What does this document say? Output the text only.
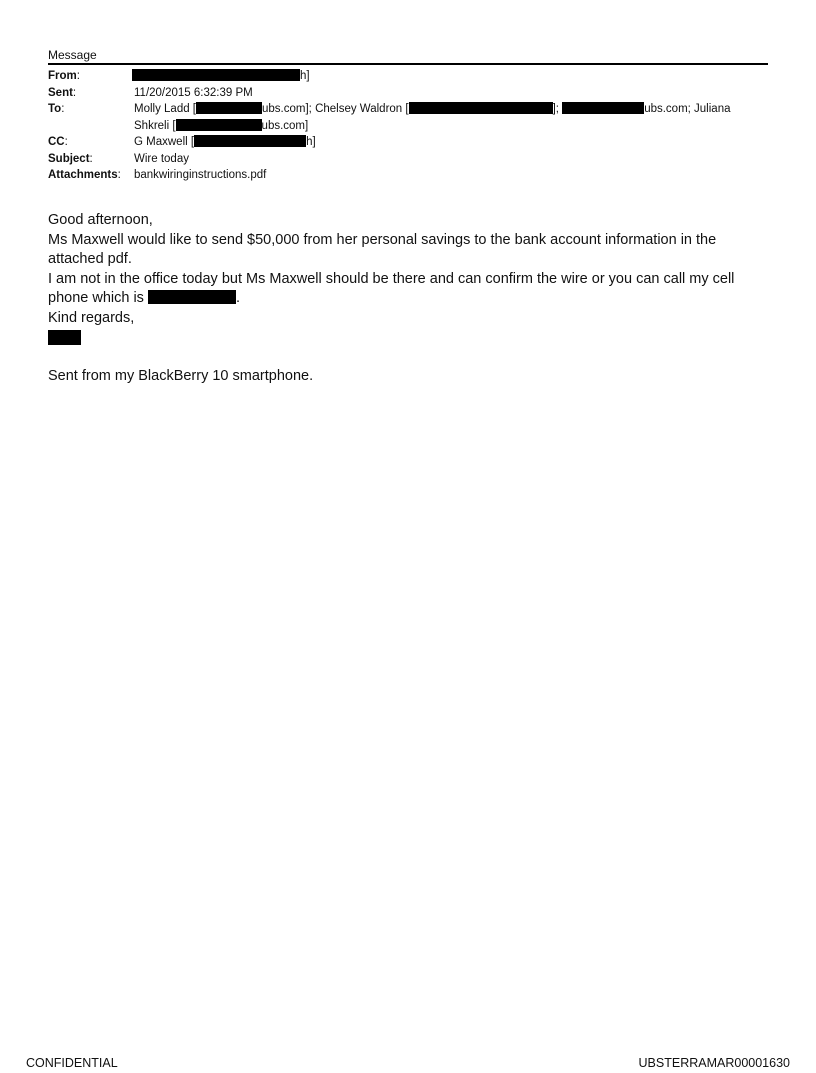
Message
From:	h]
Sent:	11/20/2015 6:32:39 PM
To:	Molly Ladd [	ubs.com]; Chelsey Waldron [	];	ubs.com; Juliana
Shkreli [	ubs.com]
CC:	G Maxwell [	h]
Subject:	Wire today
Attachments:	bankwiringinstructions.pdf

Good afternoon,

Ms Maxwell would like to send $50,000 from her personal savings to the bank account information in the attached pdf.

I am not in the office today but Ms Maxwell should be there and can confirm the wire or you can call my cell phone which is	.

Kind regards,

Sent from my BlackBerry 10 smartphone.

CONFIDENTIAL	UBSTERRAMAR00001630
